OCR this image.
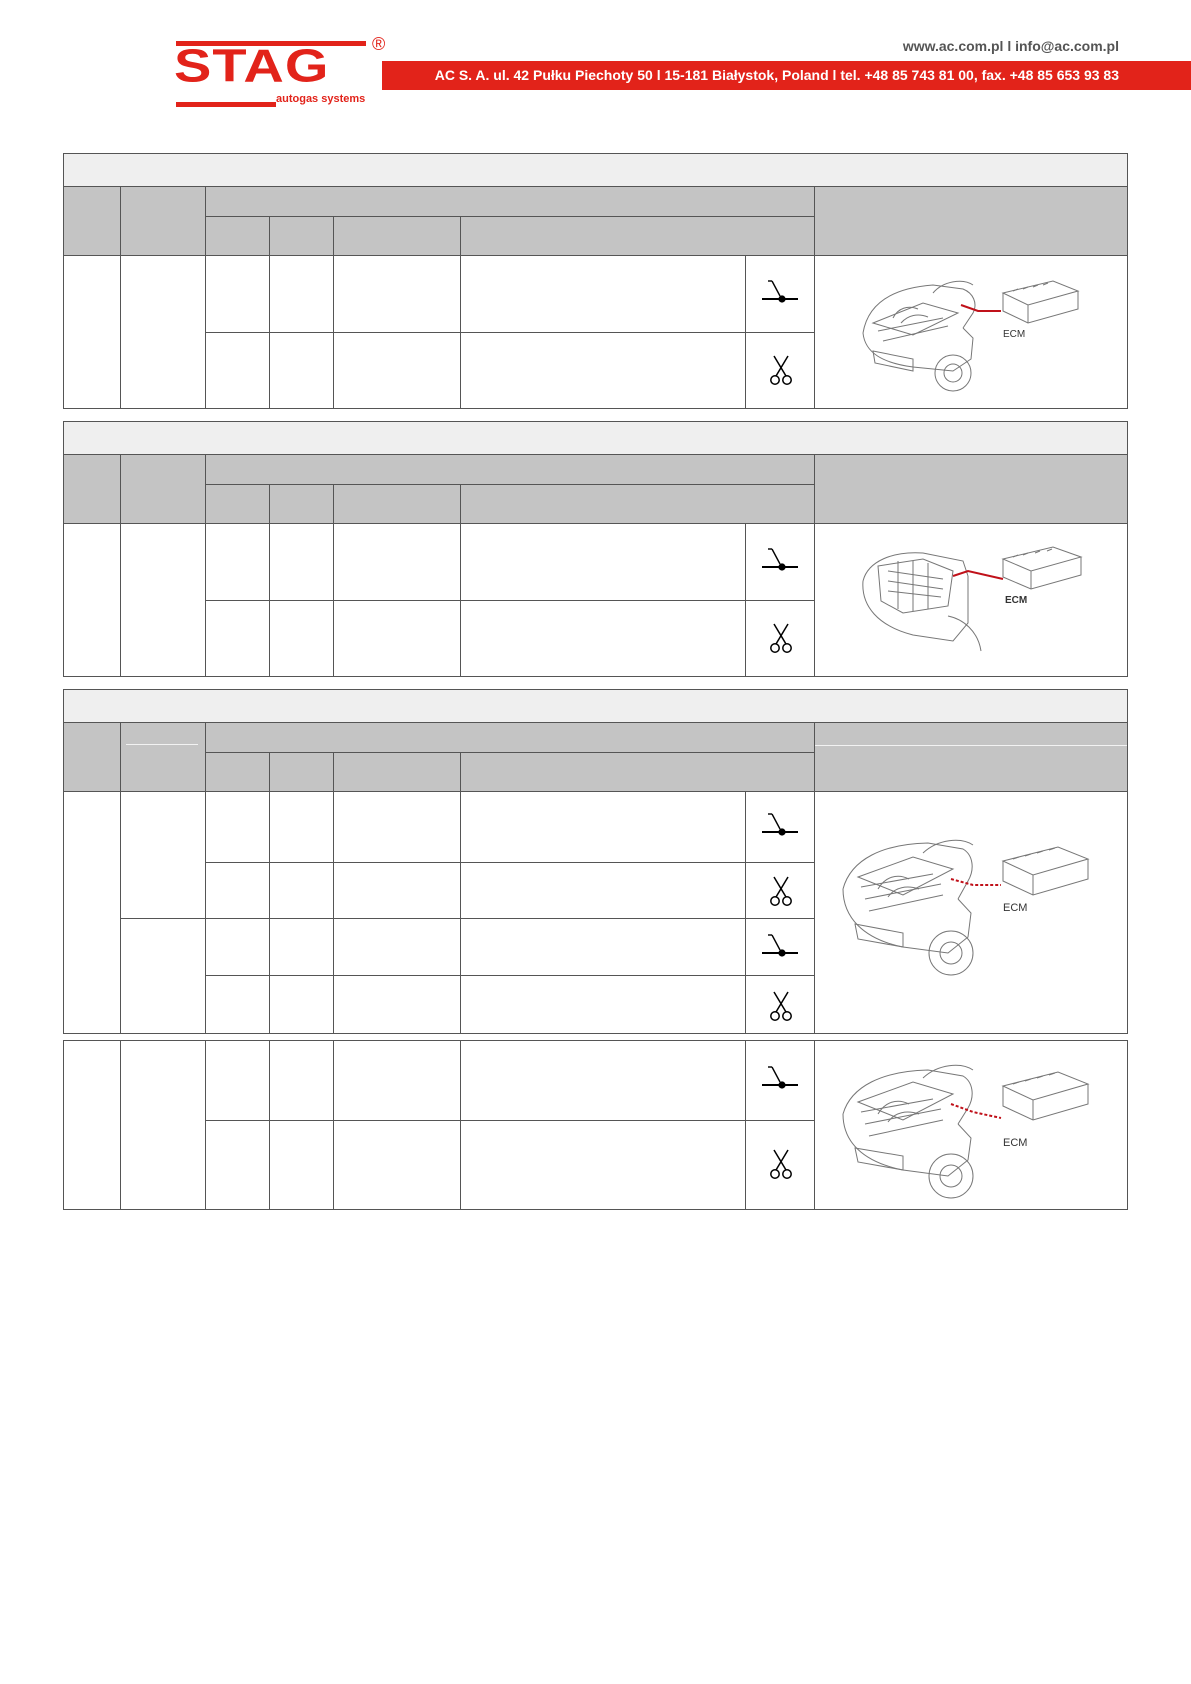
STAG ®
autogas systems
www.ac.com.pl l info@ac.com.pl
AC S. A. ul. 42 Pułku Piechoty 50 l 15-181 Białystok, Poland l tel. +48 85 743 81 00, fax. +48 85 653 93 83
ECM
ECM
ECM
ECM
